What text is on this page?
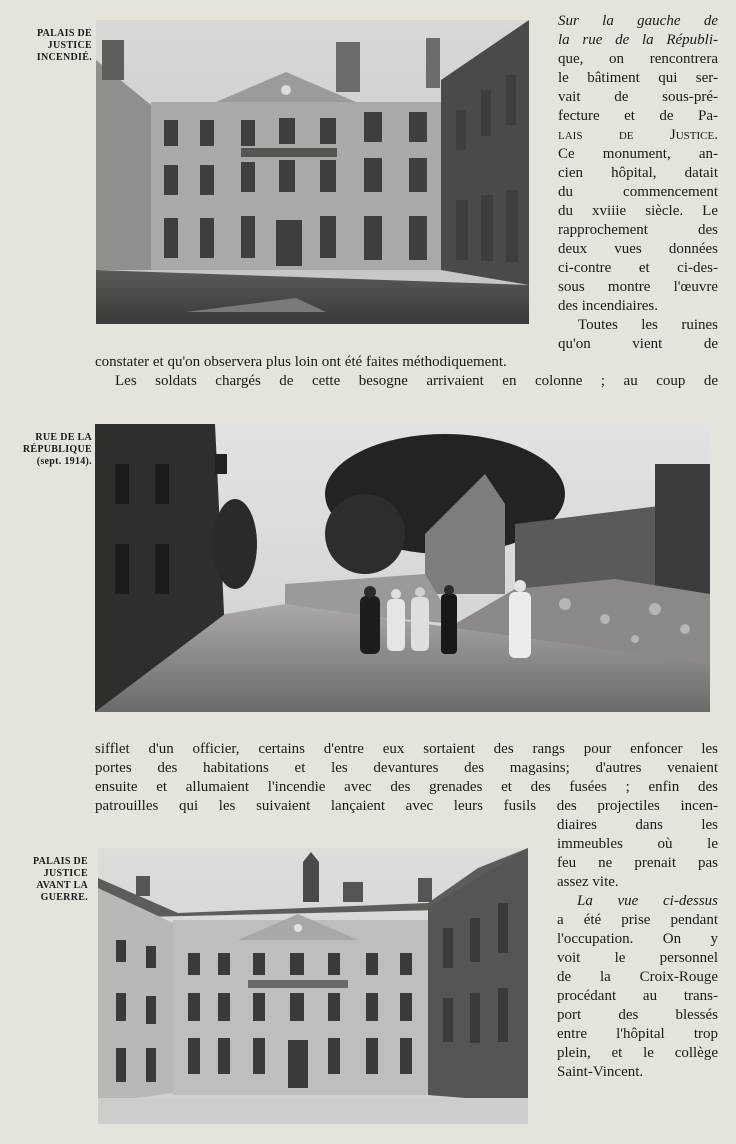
PALAIS DE
JUSTICE
INCENDIÉ.
RUE DE LA
RÉPUBLIQUE
(sept. 1914).
PALAIS DE
JUSTICE
AVANT LA
GUERRE.
Sur la gauche de
la rue de la Républi-
que, on rencontrera
le bâtiment qui ser-
vait de sous-pré-
fecture et de Pa-
lais de Justice.
Ce monument, an-
cien hôpital, datait
du commencement
du xviiie siècle. Le
rapprochement des
deux vues données
ci-contre et ci-des-
sous montre l'œuvre
des incendiaires.
Toutes les ruines
qu'on vient de
constater et qu'on observera plus loin ont été faites méthodiquement.
Les soldats chargés de cette besogne arrivaient en colonne ; au coup de
sifflet d'un officier, certains d'entre eux sortaient des rangs pour enfoncer les
portes des habitations et les devantures des magasins; d'autres venaient
ensuite et allumaient l'incendie avec des grenades et des fusées ; enfin des
patrouilles qui les suivaient lançaient avec leurs fusils des projectiles incen-
diaires dans les
immeubles où le
feu ne prenait pas
assez vite.
La vue ci-dessus
a été prise pendant
l'occupation. On y
voit le personnel
de la Croix-Rouge
procédant au trans-
port des blessés
entre l'hôpital trop
plein, et le collège
Saint-Vincent.
